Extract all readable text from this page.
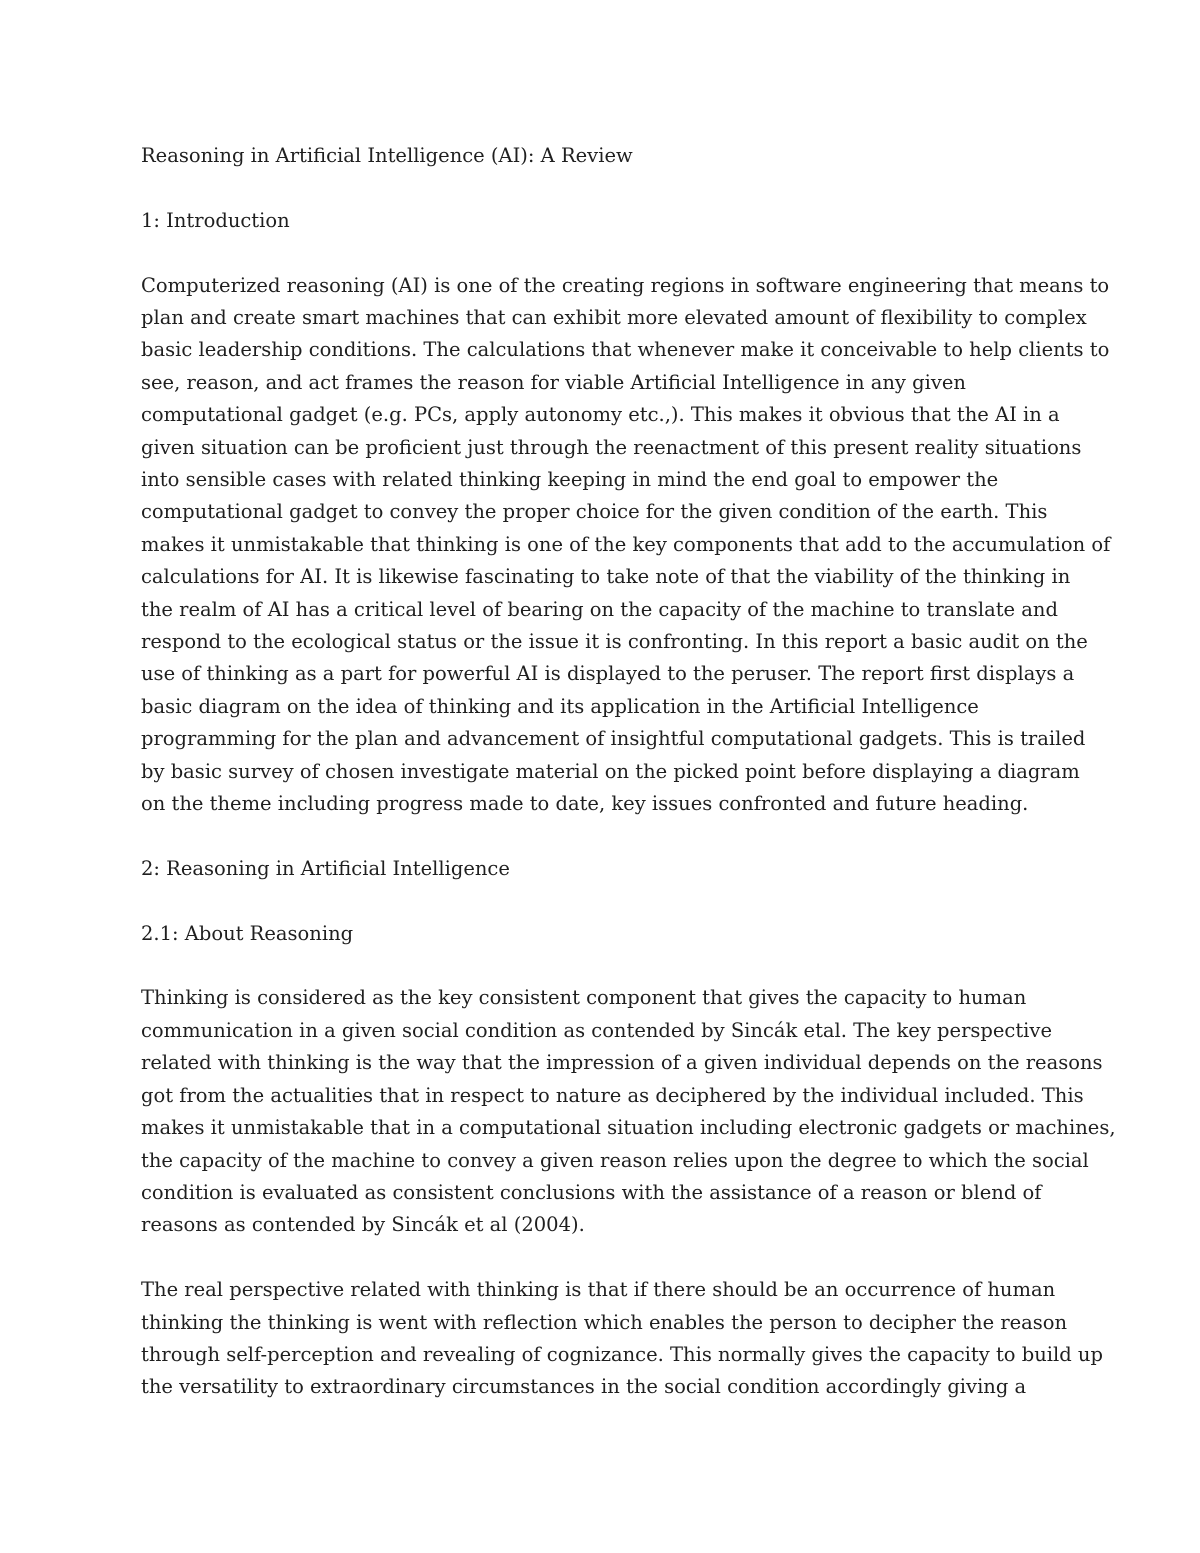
Reasoning in Artificial Intelligence (AI): A Review

1: Introduction

Computerized reasoning (AI) is one of the creating regions in software engineering that means to
plan and create smart machines that can exhibit more elevated amount of flexibility to complex
basic leadership conditions. The calculations that whenever make it conceivable to help clients to
see, reason, and act frames the reason for viable Artificial Intelligence in any given
computational gadget (e.g. PCs, apply autonomy etc.,). This makes it obvious that the AI in a
given situation can be proficient just through the reenactment of this present reality situations
into sensible cases with related thinking keeping in mind the end goal to empower the
computational gadget to convey the proper choice for the given condition of the earth. This
makes it unmistakable that thinking is one of the key components that add to the accumulation of
calculations for AI. It is likewise fascinating to take note of that the viability of the thinking in
the realm of AI has a critical level of bearing on the capacity of the machine to translate and
respond to the ecological status or the issue it is confronting. In this report a basic audit on the
use of thinking as a part for powerful AI is displayed to the peruser. The report first displays a
basic diagram on the idea of thinking and its application in the Artificial Intelligence
programming for the plan and advancement of insightful computational gadgets. This is trailed
by basic survey of chosen investigate material on the picked point before displaying a diagram
on the theme including progress made to date, key issues confronted and future heading.

2: Reasoning in Artificial Intelligence

2.1: About Reasoning

Thinking is considered as the key consistent component that gives the capacity to human
communication in a given social condition as contended by Sincák etal. The key perspective
related with thinking is the way that the impression of a given individual depends on the reasons
got from the actualities that in respect to nature as deciphered by the individual included. This
makes it unmistakable that in a computational situation including electronic gadgets or machines,
the capacity of the machine to convey a given reason relies upon the degree to which the social
condition is evaluated as consistent conclusions with the assistance of a reason or blend of
reasons as contended by Sincák et al (2004).

The real perspective related with thinking is that if there should be an occurrence of human
thinking the thinking is went with reflection which enables the person to decipher the reason
through self-perception and revealing of cognizance. This normally gives the capacity to build up
the versatility to extraordinary circumstances in the social condition accordingly giving a
